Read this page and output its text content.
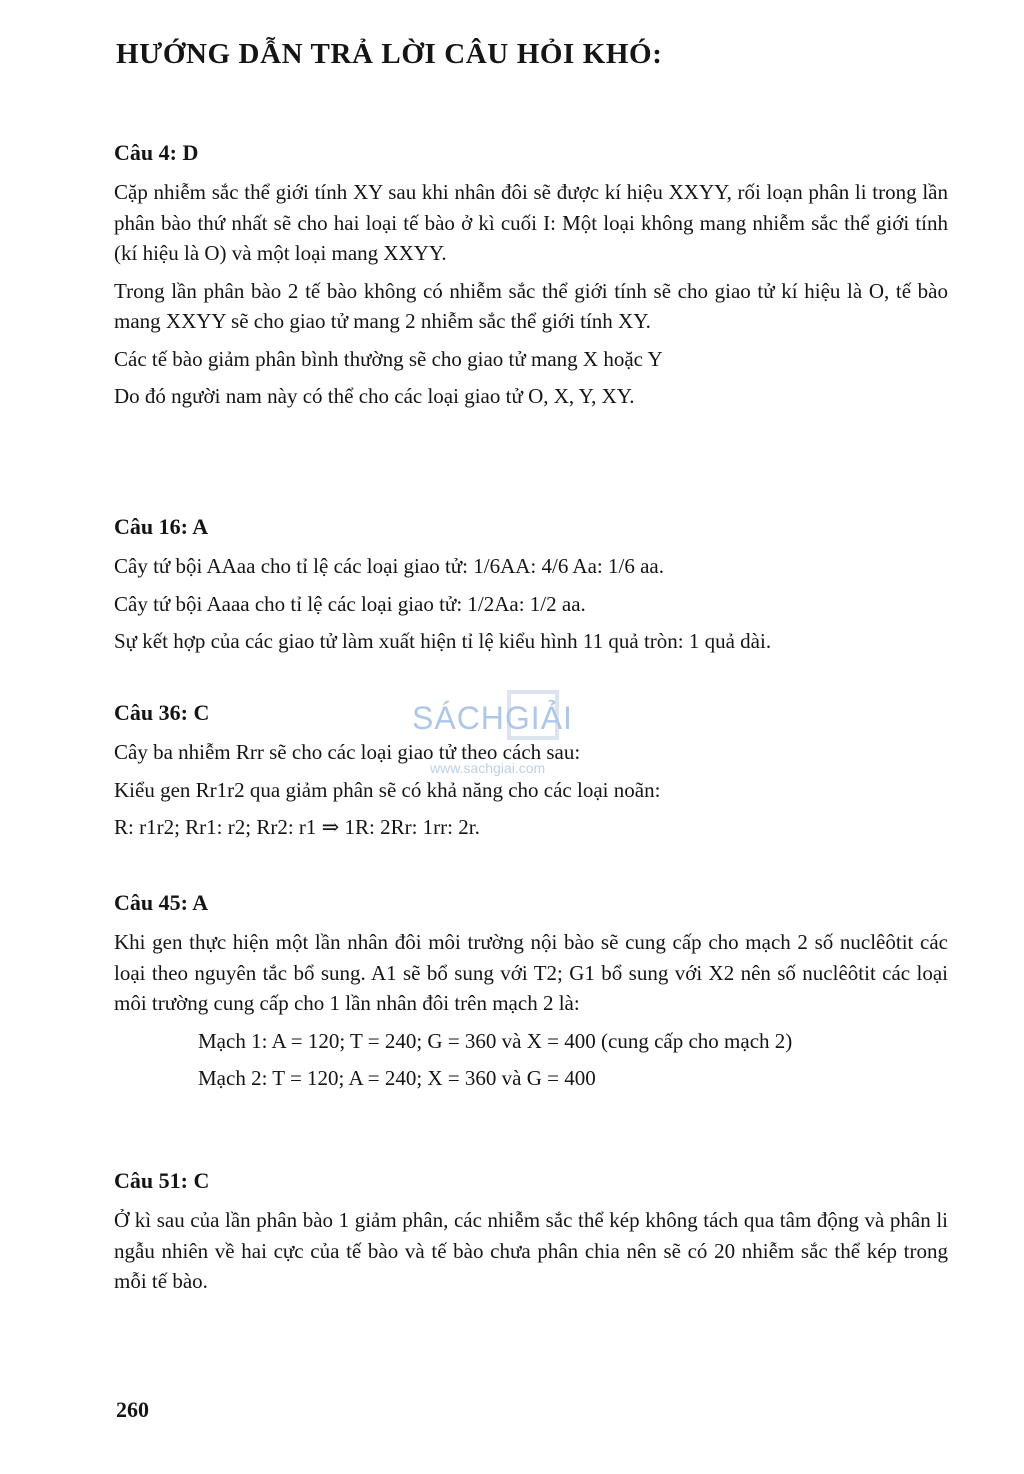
HƯỚNG DẪN TRẢ LỜI CÂU HỎI KHÓ:
Câu 4: D

Cặp nhiễm sắc thể giới tính XY sau khi nhân đôi sẽ được kí hiệu XXYY, rối loạn phân li trong lần phân bào thứ nhất sẽ cho hai loại tế bào ở kì cuối I: Một loại không mang nhiễm sắc thể giới tính (kí hiệu là O) và một loại mang XXYY.

Trong lần phân bào 2 tế bào không có nhiễm sắc thể giới tính sẽ cho giao tử kí hiệu là O, tế bào mang XXYY sẽ cho giao tử mang 2 nhiễm sắc thể giới tính XY.

Các tế bào giảm phân bình thường sẽ cho giao tử mang X hoặc Y

Do đó người nam này có thể cho các loại giao tử O, X, Y, XY.

Câu 16: A

Cây tứ bội AAaa cho tỉ lệ các loại giao tử: 1/6AA: 4/6 Aa: 1/6 aa.

Cây tứ bội Aaaa cho tỉ lệ các loại giao tử: 1/2Aa: 1/2 aa.

Sự kết hợp của các giao tử làm xuất hiện tỉ lệ kiểu hình 11 quả tròn: 1 quả dài.

Câu 36: C

Cây ba nhiễm Rrr sẽ cho các loại giao tử theo cách sau:

Kiểu gen Rr1r2 qua giảm phân sẽ có khả năng cho các loại noãn:

R: r1r2; Rr1: r2; Rr2: r1 ⇒ 1R: 2Rr: 1rr: 2r.

Câu 45: A

Khi gen thực hiện một lần nhân đôi môi trường nội bào sẽ cung cấp cho mạch 2 số nuclêôtit các loại theo nguyên tắc bổ sung. A1 sẽ bổ sung với T2; G1 bổ sung với X2 nên số nuclêôtit các loại môi trường cung cấp cho 1 lần nhân đôi trên mạch 2 là:

Mạch 1: A = 120; T = 240; G = 360 và X = 400 (cung cấp cho mạch 2)

Mạch 2: T = 120; A = 240; X = 360 và G = 400

Câu 51: C

Ở kì sau của lần phân bào 1 giảm phân, các nhiễm sắc thể kép không tách qua tâm động và phân li ngẫu nhiên về hai cực của tế bào và tế bào chưa phân chia nên sẽ có 20 nhiễm sắc thể kép trong mỗi tế bào.

SÁCHGIẢI
www.sachgiai.com
260
